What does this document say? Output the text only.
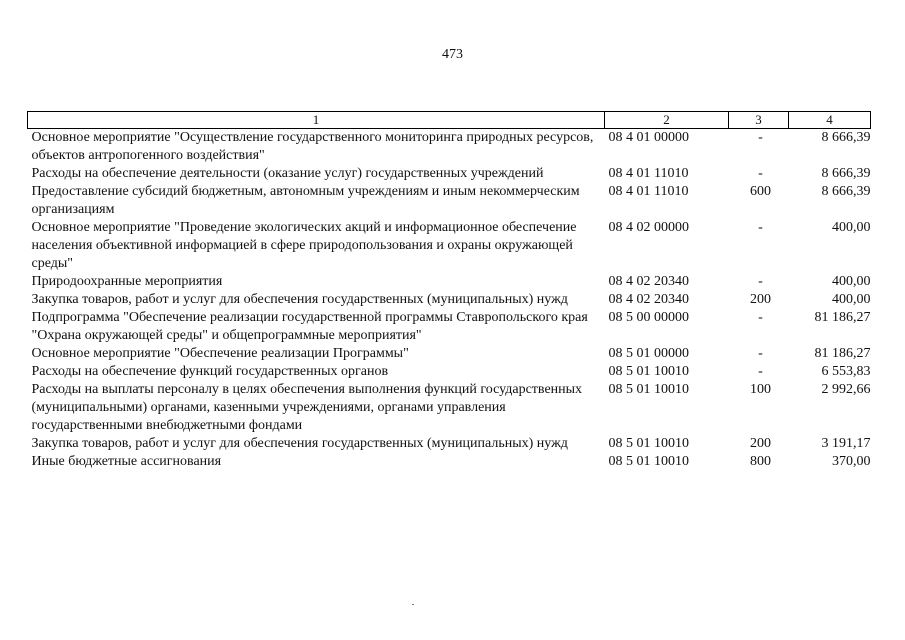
473
1	2	3	4
Основное мероприятие "Осуществление государственного мониторинга природных ресурсов, объектов антропогенного воздействия"	08 4 01 00000	-	8 666,39
Расходы на обеспечение деятельности (оказание услуг) государственных учреждений	08 4 01 11010	-	8 666,39
Предоставление субсидий бюджетным, автономным учреждениям и иным некоммерческим организациям	08 4 01 11010	600	8 666,39
Основное мероприятие "Проведение экологических акций и информационное обеспечение населения объективной информацией в сфере природопользования и охраны окружающей среды"	08 4 02 00000	-	400,00
Природоохранные мероприятия	08 4 02 20340	-	400,00
Закупка товаров, работ и услуг для обеспечения государственных (муниципальных) нужд	08 4 02 20340	200	400,00
Подпрограмма "Обеспечение реализации государственной программы Ставропольского края "Охрана окружающей среды" и общепрограммные мероприятия"	08 5 00 00000	-	81 186,27
Основное мероприятие "Обеспечение реализации Программы"	08 5 01 00000	-	81 186,27
Расходы на обеспечение функций государственных органов	08 5 01 10010	-	6 553,83
Расходы на выплаты персоналу в целях обеспечения выполнения функций государственных (муниципальными) органами, казенными учреждениями, органами управления государственными внебюджетными фондами	08 5 01 10010	100	2 992,66
Закупка товаров, работ и услуг для обеспечения государственных (муниципальных) нужд	08 5 01 10010	200	3 191,17
Иные бюджетные ассигнования	08 5 01 10010	800	370,00
